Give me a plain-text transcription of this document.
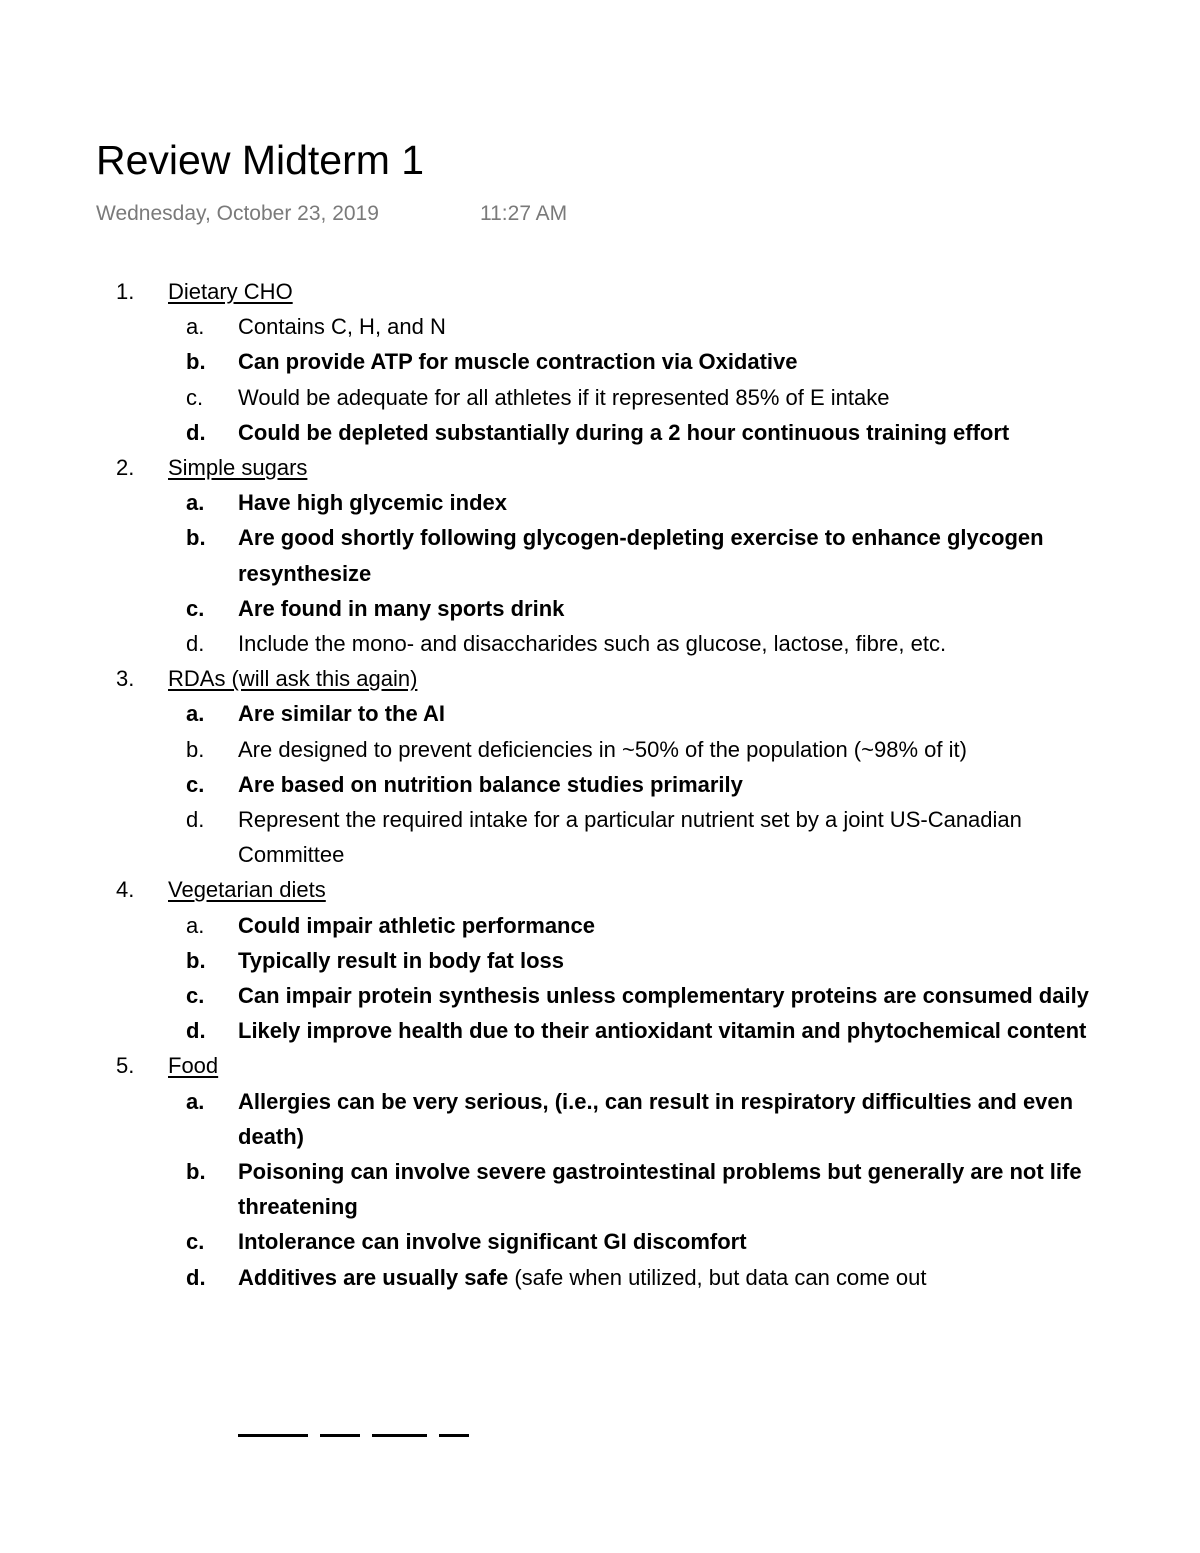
Review Midterm 1
Wednesday, October 23, 2019	11:27 AM
1.	Dietary CHO
a.	Contains C, H, and N
b.	Can provide ATP for muscle contraction via Oxidative
c.	Would be adequate for all athletes if it represented 85% of E intake
d.	Could be depleted substantially during a 2 hour continuous training effort
2.	Simple sugars
a.	Have high glycemic index
b.	Are good shortly following glycogen-depleting exercise to enhance glycogen resynthesize
c.	Are found in many sports drink
d.	Include the mono- and disaccharides such as glucose, lactose, fibre, etc.
3.	RDAs (will ask this again)
a.	Are similar to the AI
b.	Are designed to prevent deficiencies in ~50% of the population (~98% of it)
c.	Are based on nutrition balance studies primarily
d.	Represent the required intake for a particular nutrient set by a joint US-Canadian Committee
4.	Vegetarian diets
a.	Could impair athletic performance
b.	Typically result in body fat loss
c.	Can impair protein synthesis unless complementary proteins are consumed daily
d.	Likely improve health due to their antioxidant vitamin and phytochemical content
5.	Food
a.	Allergies can be very serious, (i.e., can result in respiratory difficulties and even death)
b.	Poisoning can involve severe gastrointestinal problems but generally are not life threatening
c.	Intolerance can involve significant GI discomfort
d.	Additives are usually safe (safe when utilized, but data can come out
